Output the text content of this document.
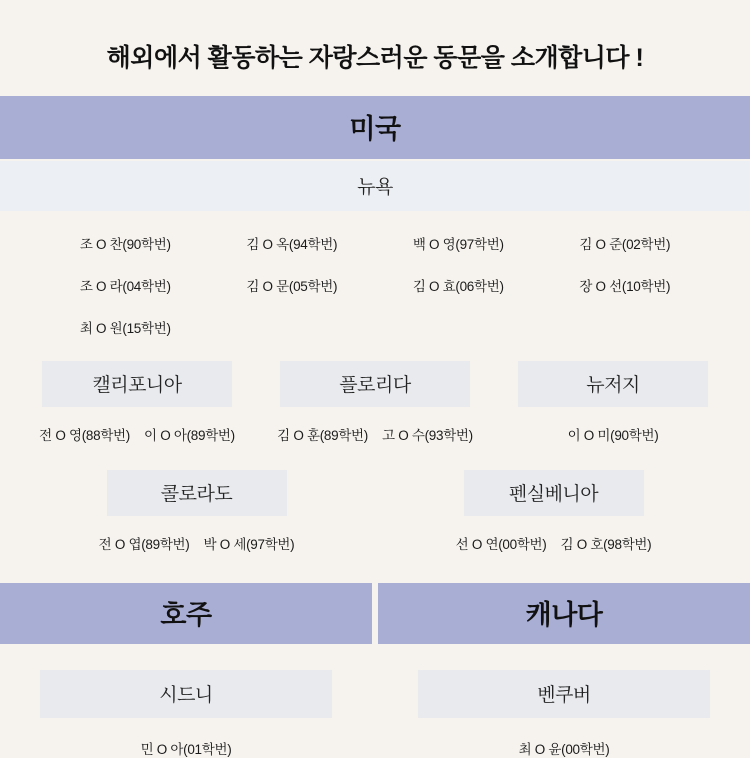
해외에서 활동하는 자랑스러운 동문을 소개합니다 !
미국
뉴욕
조 O 찬(90학번)	김 O 옥(94학번)	백 O 영(97학번)	김 O 준(02학번)
조 O 라(04학번)	김 O 문(05학번)	김 O 효(06학번)	장 O 선(10학번)
최 O 원(15학번)
캘리포니아
전 O 영(88학번) 이 O 아(89학번)
플로리다
김 O 훈(89학번) 고 O 수(93학번)
뉴저지
이 O 미(90학번)
콜로라도
전 O 엽(89학번) 박 O 세(97학번)
펜실베니아
선 O 연(00학번) 김 O 호(98학번)
호주
시드니
민 O 아(01학번)
캐나다
벤쿠버
최 O 윤(00학번)
